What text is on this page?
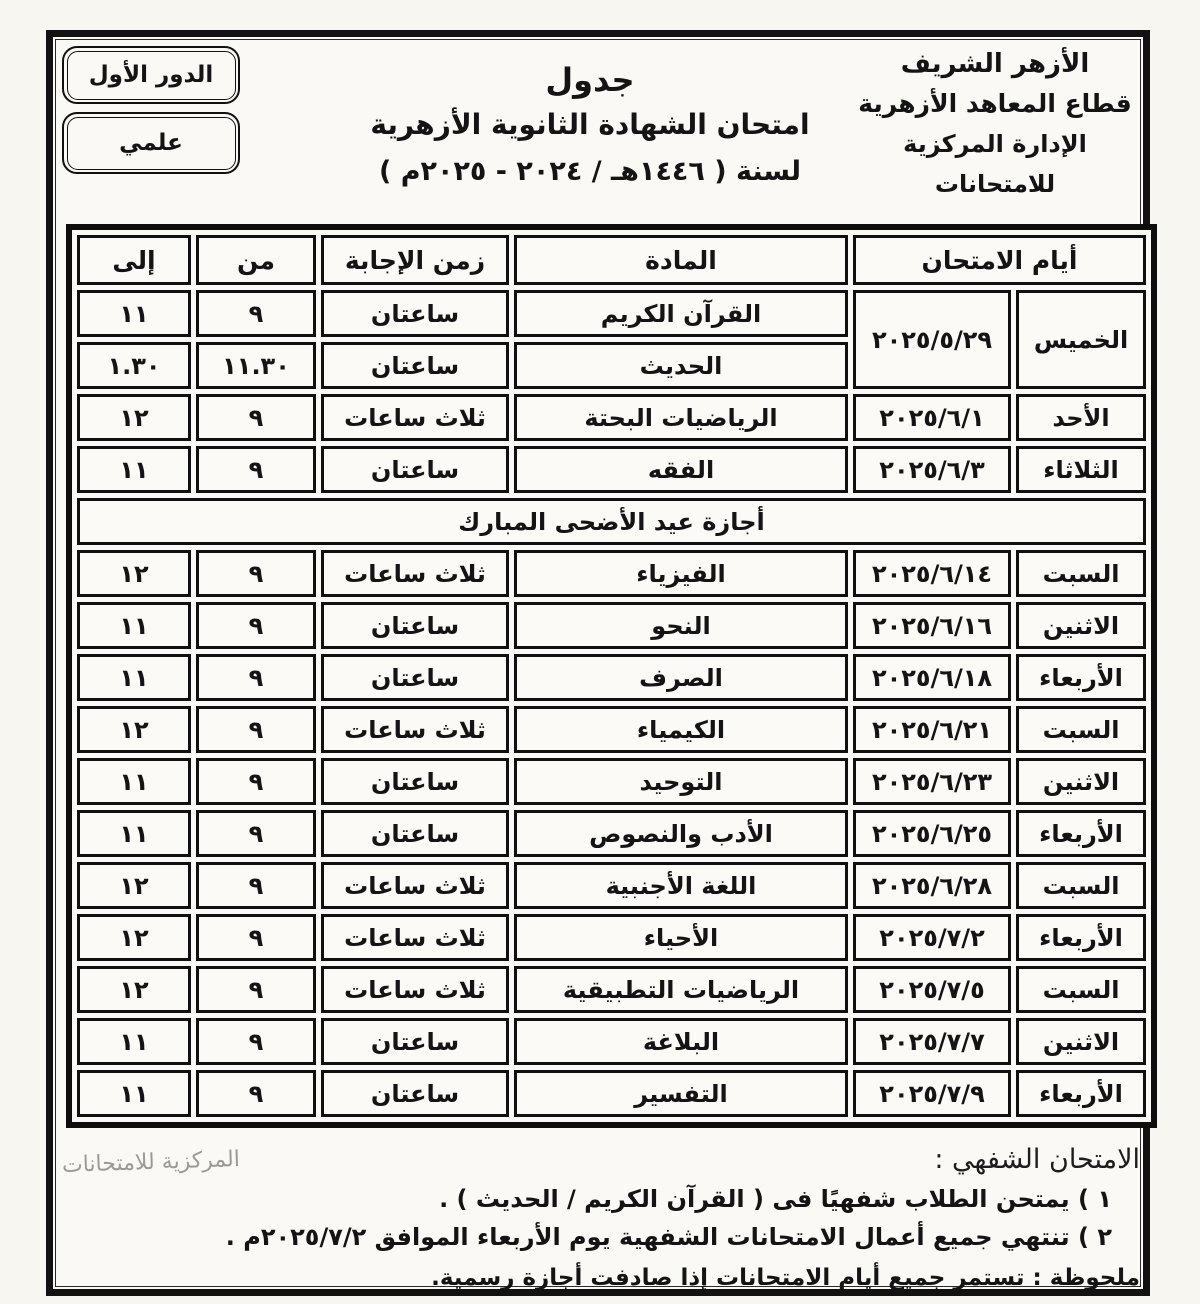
الدور الأول
علمي
الأزهر الشريف
قطاع المعاهد الأزهرية
الإدارة المركزية للامتحانات
جدول
امتحان الشهادة الثانوية الأزهرية
لسنة ( ١٤٤٦هـ / ٢٠٢٤ - ٢٠٢٥م )
أيام الامتحان		المادة	زمن الإجابة	من	إلى
الخميس	٢٠٢٥/٥/٢٩	القرآن الكريم	ساعتان	٩	١١
		الحديث	ساعتان	١١.٣٠	١.٣٠
الأحد	٢٠٢٥/٦/١	الرياضيات البحتة	ثلاث ساعات	٩	١٢
الثلاثاء	٢٠٢٥/٦/٣	الفقه	ساعتان	٩	١١
أجازة عيد الأضحى المبارك					
السبت	٢٠٢٥/٦/١٤	الفيزياء	ثلاث ساعات	٩	١٢
الاثنين	٢٠٢٥/٦/١٦	النحو	ساعتان	٩	١١
الأربعاء	٢٠٢٥/٦/١٨	الصرف	ساعتان	٩	١١
السبت	٢٠٢٥/٦/٢١	الكيمياء	ثلاث ساعات	٩	١٢
الاثنين	٢٠٢٥/٦/٢٣	التوحيد	ساعتان	٩	١١
الأربعاء	٢٠٢٥/٦/٢٥	الأدب والنصوص	ساعتان	٩	١١
السبت	٢٠٢٥/٦/٢٨	اللغة الأجنبية	ثلاث ساعات	٩	١٢
الأربعاء	٢٠٢٥/٧/٢	الأحياء	ثلاث ساعات	٩	١٢
السبت	٢٠٢٥/٧/٥	الرياضيات التطبيقية	ثلاث ساعات	٩	١٢
الاثنين	٢٠٢٥/٧/٧	البلاغة	ساعتان	٩	١١
الأربعاء	٢٠٢٥/٧/٩	التفسير	ساعتان	٩	١١
الامتحان الشفهي :
١ ) يمتحن الطلاب شفهيًا فى ( القرآن الكريم / الحديث ) .
٢ ) تنتهي جميع أعمال الامتحانات الشفهية يوم الأربعاء الموافق ٢٠٢٥/٧/٢م .
ملحوظة : تستمر جميع أيام الامتحانات إذا صادفت أجازة رسمية.
المركزية للامتحانات
